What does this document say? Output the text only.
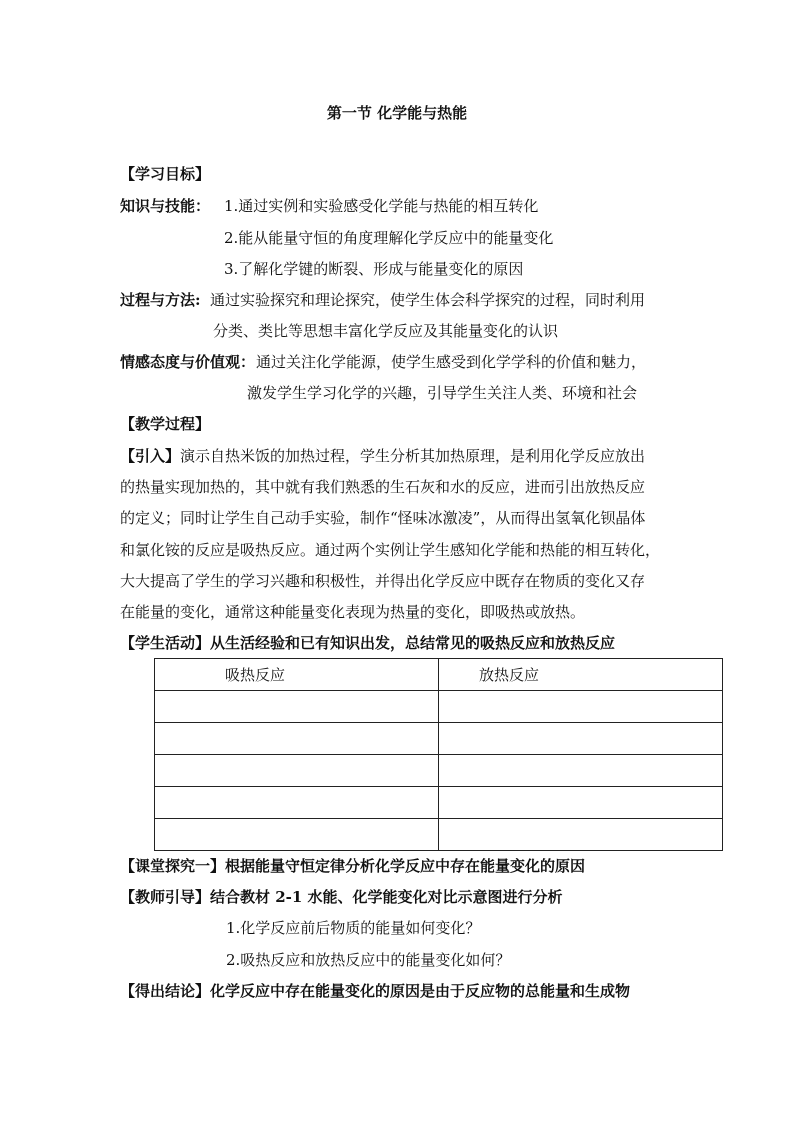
第一节 化学能与热能
【学习目标】
知识与技能： 1.通过实例和实验感受化学能与热能的相互转化
2.能从能量守恒的角度理解化学反应中的能量变化
3.了解化学键的断裂、形成与能量变化的原因
过程与方法: 通过实验探究和理论探究，使学生体会科学探究的过程，同时利用
分类、类比等思想丰富化学反应及其能量变化的认识
情感态度与价值观： 通过关注化学能源，使学生感受到化学学科的价值和魅力，
激发学生学习化学的兴趣，引导学生关注人类、环境和社会
【教学过程】
【引入】演示自热米饭的加热过程，学生分析其加热原理，是利用化学反应放出
的热量实现加热的，其中就有我们熟悉的生石灰和水的反应，进而引出放热反应
的定义；同时让学生自己动手实验，制作“怪味冰激凌”，从而得出氢氧化钡晶体
和氯化铵的反应是吸热反应。通过两个实例让学生感知化学能和热能的相互转化，
大大提高了学生的学习兴趣和积极性，并得出化学反应中既存在物质的变化又存
在能量的变化，通常这种能量变化表现为热量的变化，即吸热或放热。
【学生活动】从生活经验和已有知识出发，总结常见的吸热反应和放热反应
吸热反应	放热反应

【课堂探究一】根据能量守恒定律分析化学反应中存在能量变化的原因
【教师引导】结合教材 2-1 水能、化学能变化对比示意图进行分析
1.化学反应前后物质的能量如何变化？
2.吸热反应和放热反应中的能量变化如何？
【得出结论】化学反应中存在能量变化的原因是由于反应物的总能量和生成物
